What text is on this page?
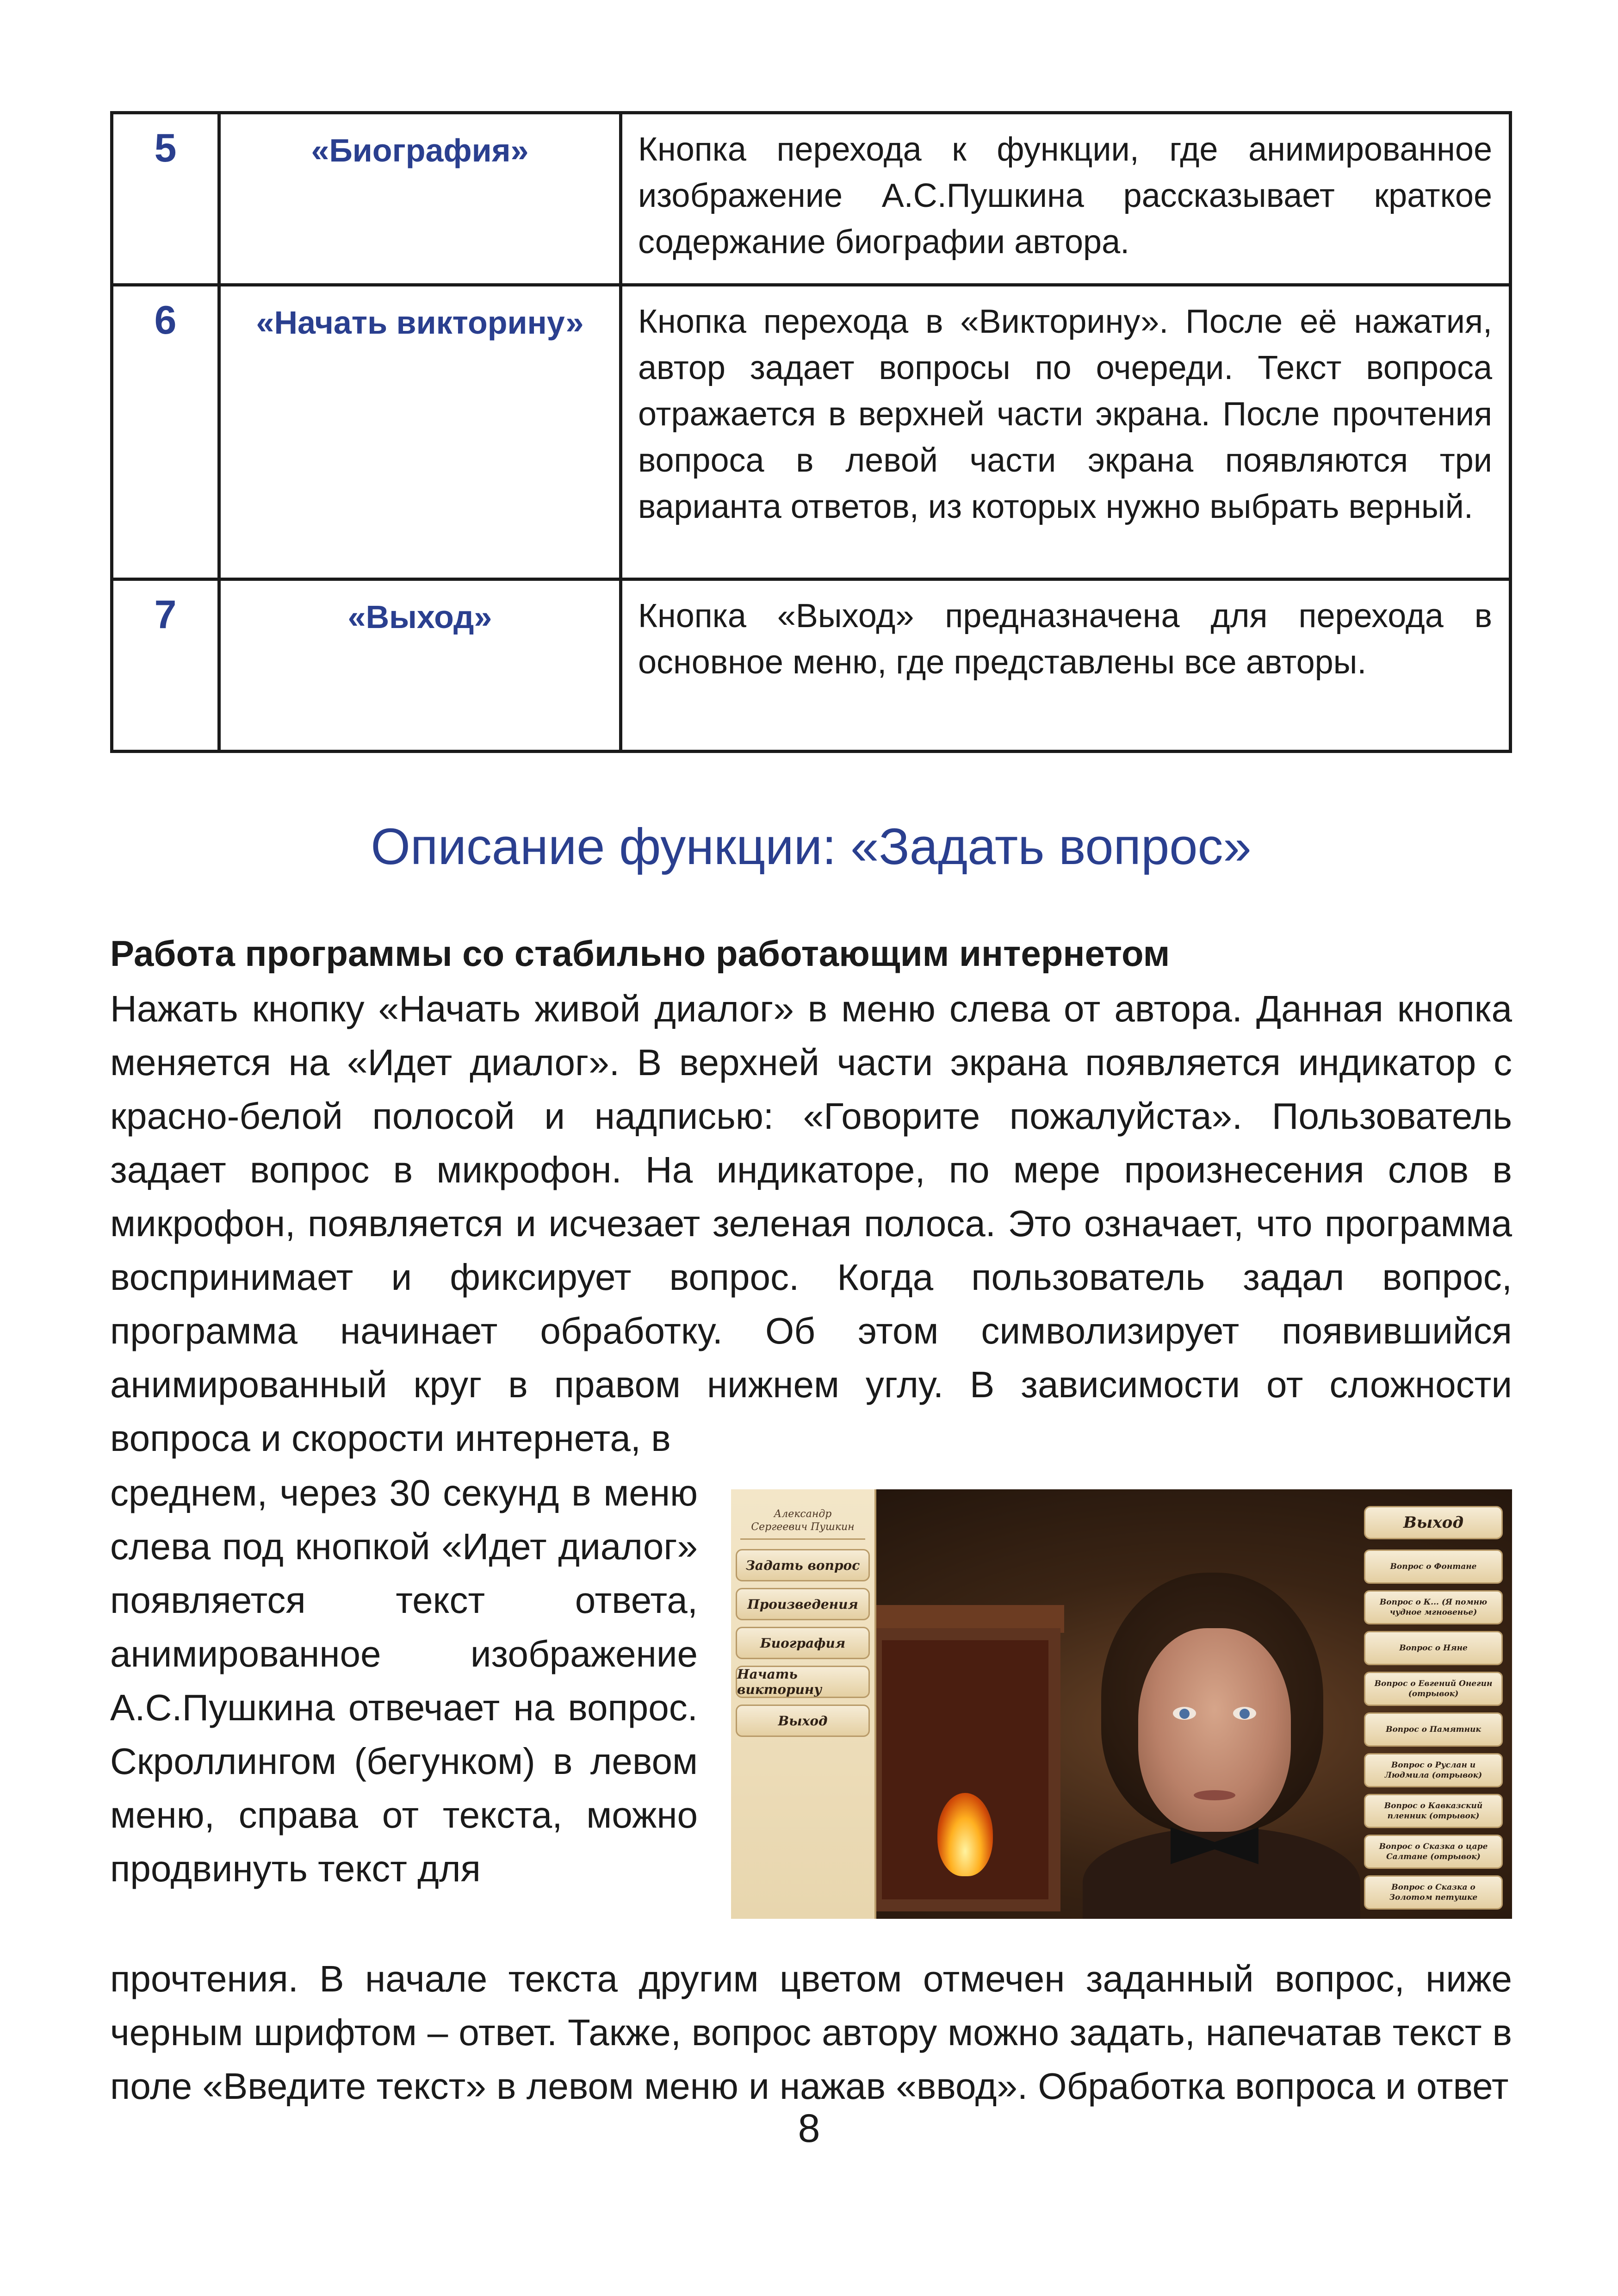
5	«Биография»	Кнопка перехода к функции, где анимированное изображение А.С.Пушкина рассказывает краткое содержание биографии автора.
6	«Начать викторину»	Кнопка перехода в «Викторину». После её нажатия, автор задает вопросы по очереди. Текст вопроса отражается в верхней части экрана. После прочтения вопроса в левой части экрана появляются три варианта ответов, из которых нужно выбрать верный.
7	«Выход»	Кнопка «Выход» предназначена для перехода в основное меню, где представлены все авторы.
Описание функции: «Задать вопрос»

Работа программы со стабильно работающим интернетом

Нажать кнопку «Начать живой диалог» в меню слева от автора. Данная кнопка меняется на «Идет диалог». В верхней части экрана появляется индикатор с красно-белой полосой и надписью: «Говорите пожалуйста». Пользователь задает вопрос в микрофон. На индикаторе, по мере произнесения слов в микрофон, появляется и исчезает зеленая полоса. Это означает, что программа воспринимает и фиксирует вопрос. Когда пользователь задал вопрос, программа начинает обработку. Об этом символизирует появившийся анимированный круг в правом нижнем углу. В зависимости от сложности вопроса и скорости интернета, в

среднем, через 30 секунд в меню слева под кнопкой «Идет диалог» появляется текст ответа, анимированное изображение А.С.Пушкина отвечает на вопрос. Скроллингом (бегунком) в левом меню, справа от текста, можно продвинуть текст для

Александр Сергеевич Пушкин
Задать вопрос
Произведения
Биография
Начать викторину
Выход
Выход
Вопрос о Фонтане
Вопрос о К... (Я помню чудное мгновенье)
Вопрос о Няне
Вопрос о Евгений Онегин (отрывок)
Вопрос о Памятник
Вопрос о Руслан и Людмила (отрывок)
Вопрос о Кавказский пленник (отрывок)
Вопрос о Сказка о царе Салтане (отрывок)
Вопрос о Сказка о Золотом петушке

прочтения. В начале текста другим цветом отмечен заданный вопрос, ниже черным шрифтом – ответ. Также, вопрос автору можно задать, напечатав текст в поле «Введите текст» в левом меню и нажав «ввод». Обработка вопроса и ответ

8
